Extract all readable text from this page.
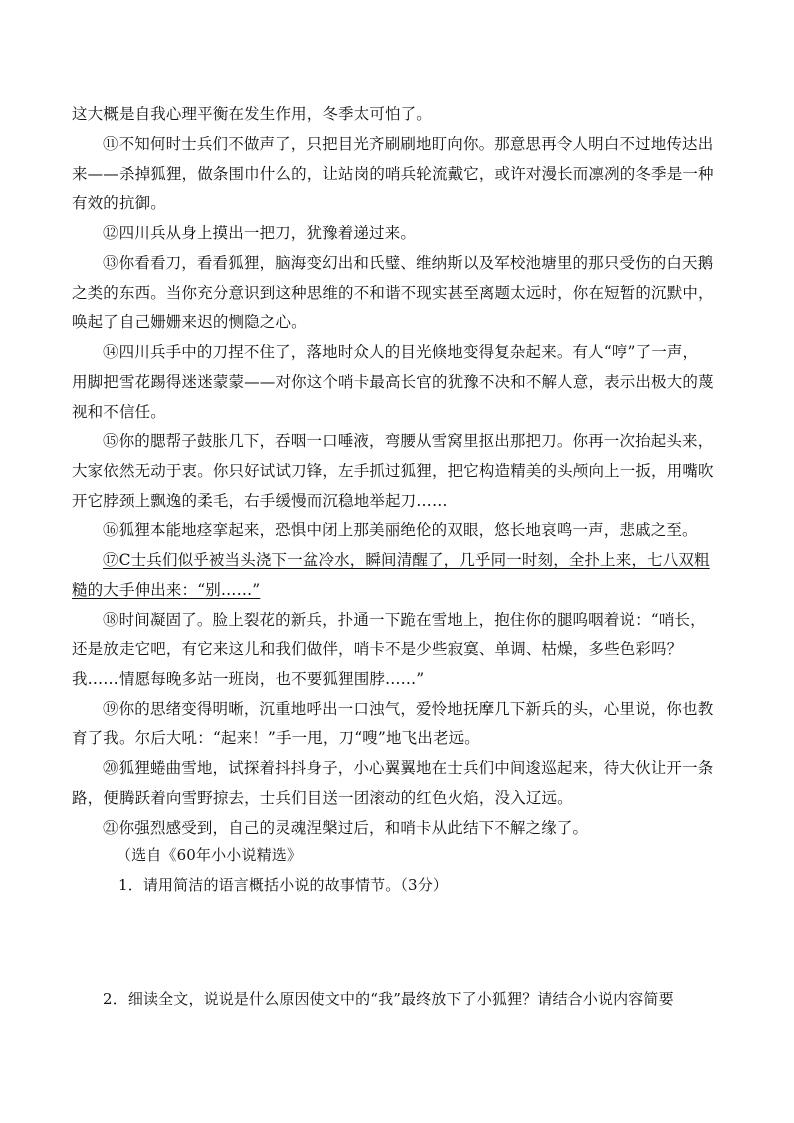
这大概是自我心理平衡在发生作用，冬季太可怕了。
⑪不知何时士兵们不做声了，只把目光齐刷刷地盯向你。那意思再令人明白不过地传达出
来——杀掉狐狸，做条围巾什么的，让站岗的哨兵轮流戴它，或许对漫长而凛冽的冬季是一种
有效的抗御。
⑫四川兵从身上摸出一把刀，犹豫着递过来。
⑬你看看刀，看看狐狸，脑海变幻出和氏璧、维纳斯以及军校池塘里的那只受伤的白天鹅
之类的东西。当你充分意识到这种思维的不和谐不现实甚至离题太远时，你在短暂的沉默中，
唤起了自己姗姗来迟的恻隐之心。
⑭四川兵手中的刀捏不住了，落地时众人的目光倏地变得复杂起来。有人“哼”了一声，
用脚把雪花踢得迷迷蒙蒙——对你这个哨卡最高长官的犹豫不决和不解人意，表示出极大的蔑
视和不信任。
⑮你的腮帮子鼓胀几下，吞咽一口唾液，弯腰从雪窝里抠出那把刀。你再一次抬起头来，
大家依然无动于衷。你只好试试刀锋，左手抓过狐狸，把它构造精美的头颅向上一扳，用嘴吹
开它脖颈上飘逸的柔毛，右手缓慢而沉稳地举起刀……
⑯狐狸本能地痉挛起来，恐惧中闭上那美丽绝伦的双眼，悠长地哀鸣一声，悲戚之至。
⑰C士兵们似乎被当头浇下一盆冷水，瞬间清醒了，几乎同一时刻，全扑上来，七八双粗
糙的大手伸出来：“别……”
⑱时间凝固了。脸上裂花的新兵，扑通一下跪在雪地上，抱住你的腿呜咽着说：“哨长，
还是放走它吧，有它来这儿和我们做伴，哨卡不是少些寂寞、单调、枯燥，多些色彩吗？
我……情愿每晚多站一班岗，也不要狐狸围脖……”
⑲你的思绪变得明晰，沉重地呼出一口浊气，爱怜地抚摩几下新兵的头，心里说，你也教
育了我。尔后大吼：“起来！”手一甩，刀“嗖”地飞出老远。
⑳狐狸蜷曲雪地，试探着抖抖身子，小心翼翼地在士兵们中间逡巡起来，待大伙让开一条
路，便腾跃着向雪野掠去，士兵们目送一团滚动的红色火焰，没入辽远。
㉑你强烈感受到，自己的灵魂涅槃过后，和哨卡从此结下不解之缘了。
（选自《60年小小说精选》
1．请用简洁的语言概括小说的故事情节。（3分）
2．细读全文，说说是什么原因使文中的“我”最终放下了小狐狸？请结合小说内容简要
